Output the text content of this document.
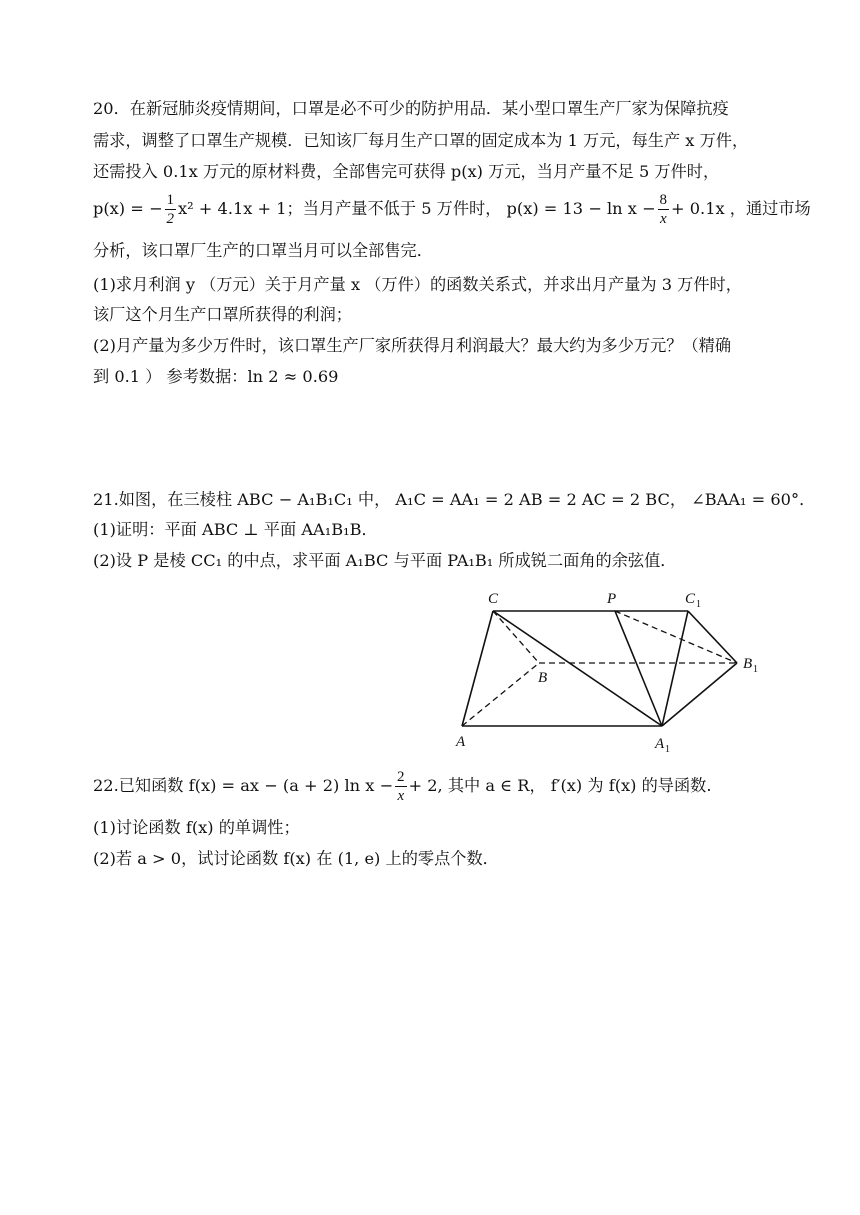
20．在新冠肺炎疫情期间，口罩是必不可少的防护用品．某小型口罩生产厂家为保障抗疫
需求，调整了口罩生产规模．已知该厂每月生产口罩的固定成本为 1 万元，每生产 x 万件，
还需投入 0.1x 万元的原材料费，全部售完可获得 p(x) 万元，当月产量不足 5 万件时，
p(x) = − $\frac{1}{2} x^2 + 4.1x + 1$；当月产量不低于 5 万件时， $p(x) = 13 - \ln x - \frac{8}{x} + 0.1x$ ，通过市场
分析，该口罩厂生产的口罩当月可以全部售完．
(1)求月利润 y （万元）关于月产量 x （万件）的函数关系式，并求出月产量为 3 万件时，
该厂这个月生产口罩所获得的利润；
(2)月产量为多少万件时，该口罩生产厂家所获得月利润最大？最大约为多少万元？（精确
到 0.1 ） 参考数据：ln 2 ≈ 0.69
21.如图，在三棱柱 ABC − A₁B₁C₁ 中， A₁C = AA₁ = 2 AB = 2 AC = 2 BC， ∠BAA₁ = 60°．
(1)证明：平面 ABC ⊥ 平面 AA₁B₁B．
(2)设 P 是棱 CC₁ 的中点，求平面 A₁BC 与平面 PA₁B₁ 所成锐二面角的余弦值．
C	P	C 1
B
B 1
A	A 1
22.已知函数 f(x) = ax − (a + 2) $\ln x - \frac{2}{x} + 2$, 其中 a ∈ R， f′(x) 为 f(x) 的导函数.
(1)讨论函数 f(x) 的单调性；
(2)若 a > 0，试讨论函数 f(x) 在 (1, e) 上的零点个数．
